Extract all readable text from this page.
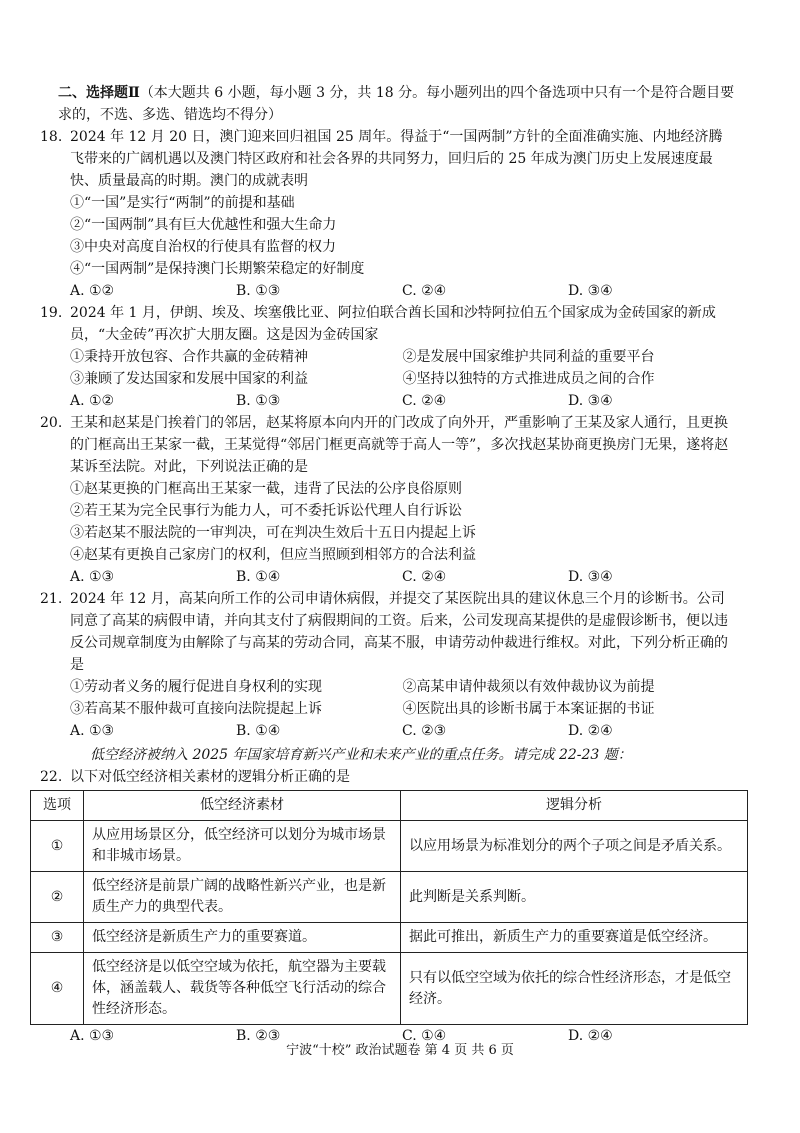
二、选择题Ⅱ（本大题共 6 小题，每小题 3 分，共 18 分。每小题列出的四个备选项中只有一个是符合题目要求的，不选、多选、错选均不得分）

18. 2024 年 12 月 20 日，澳门迎来回归祖国 25 周年。得益于“一国两制”方针的全面准确实施、内地经济腾飞带来的广阔机遇以及澳门特区政府和社会各界的共同努力，回归后的 25 年成为澳门历史上发展速度最快、质量最高的时期。澳门的成就表明

①“一国”是实行“两制”的前提和基础

②“一国两制”具有巨大优越性和强大生命力

③中央对高度自治权的行使具有监督的权力

④“一国两制”是保持澳门长期繁荣稳定的好制度

A. ①②	B. ①③	C. ②④	D. ③④

19. 2024 年 1 月，伊朗、埃及、埃塞俄比亚、阿拉伯联合酋长国和沙特阿拉伯五个国家成为金砖国家的新成员，“大金砖”再次扩大朋友圈。这是因为金砖国家

①秉持开放包容、合作共赢的金砖精神	②是发展中国家维护共同利益的重要平台
③兼顾了发达国家和发展中国家的利益	④坚持以独特的方式推进成员之间的合作
A. ①②	B. ①③	C. ②④	D. ③④

20. 王某和赵某是门挨着门的邻居，赵某将原本向内开的门改成了向外开，严重影响了王某及家人通行，且更换的门框高出王某家一截，王某觉得“邻居门框更高就等于高人一等”，多次找赵某协商更换房门无果，遂将赵某诉至法院。对此，下列说法正确的是

①赵某更换的门框高出王某家一截，违背了民法的公序良俗原则

②若王某为完全民事行为能力人，可不委托诉讼代理人自行诉讼

③若赵某不服法院的一审判决，可在判决生效后十五日内提起上诉

④赵某有更换自己家房门的权利，但应当照顾到相邻方的合法利益

A. ①③	B. ①④	C. ②④	D. ③④

21. 2024 年 12 月，高某向所工作的公司申请休病假，并提交了某医院出具的建议休息三个月的诊断书。公司同意了高某的病假申请，并向其支付了病假期间的工资。后来，公司发现高某提供的是虚假诊断书，便以违反公司规章制度为由解除了与高某的劳动合同，高某不服，申请劳动仲裁进行维权。对此，下列分析正确的是

①劳动者义务的履行促进自身权利的实现	②高某申请仲裁须以有效仲裁协议为前提
③若高某不服仲裁可直接向法院提起上诉	④医院出具的诊断书属于本案证据的书证
A. ①③	B. ①④	C. ②③	D. ②④

低空经济被纳入 2025 年国家培育新兴产业和未来产业的重点任务。请完成 22-23 题：

22. 以下对低空经济相关素材的逻辑分析正确的是

选项	低空经济素材	逻辑分析
①	从应用场景区分，低空经济可以划分为城市场景和非城市场景。	以应用场景为标准划分的两个子项之间是矛盾关系。
②	低空经济是前景广阔的战略性新兴产业，也是新质生产力的典型代表。	此判断是关系判断。
③	低空经济是新质生产力的重要赛道。	据此可推出，新质生产力的重要赛道是低空经济。
④	低空经济是以低空空域为依托，航空器为主要载体，涵盖载人、载货等各种低空飞行活动的综合性经济形态。	只有以低空空域为依托的综合性经济形态，才是低空经济。
A. ①③	B. ②③	C. ①④	D. ②④
宁波“十校” 政治试题卷 第 4 页 共 6 页
